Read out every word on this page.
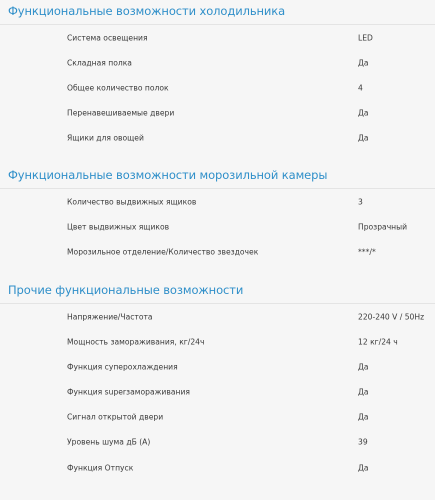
Функциональные возможности холодильника
Система освещения	LED
Складная полка	Да
Общее количество полок	4
Перенавешиваемые двери	Да
Ящики для овощей	Да
Функциональные возможности морозильной камеры
Количество выдвижных ящиков	3
Цвет выдвижных ящиков	Прозрачный
Морозильное отделение/Количество звездочек	***/*
Прочие функциональные возможности
Напряжение/Частота	220-240 V / 50Hz
Мощность замораживания, кг/24ч	12 кг/24 ч
Функция суперохлаждения	Да
Функция superзамораживания	Да
Сигнал открытой двери	Да
Уровень шума дБ (А)	39
Функция Отпуск	Да
